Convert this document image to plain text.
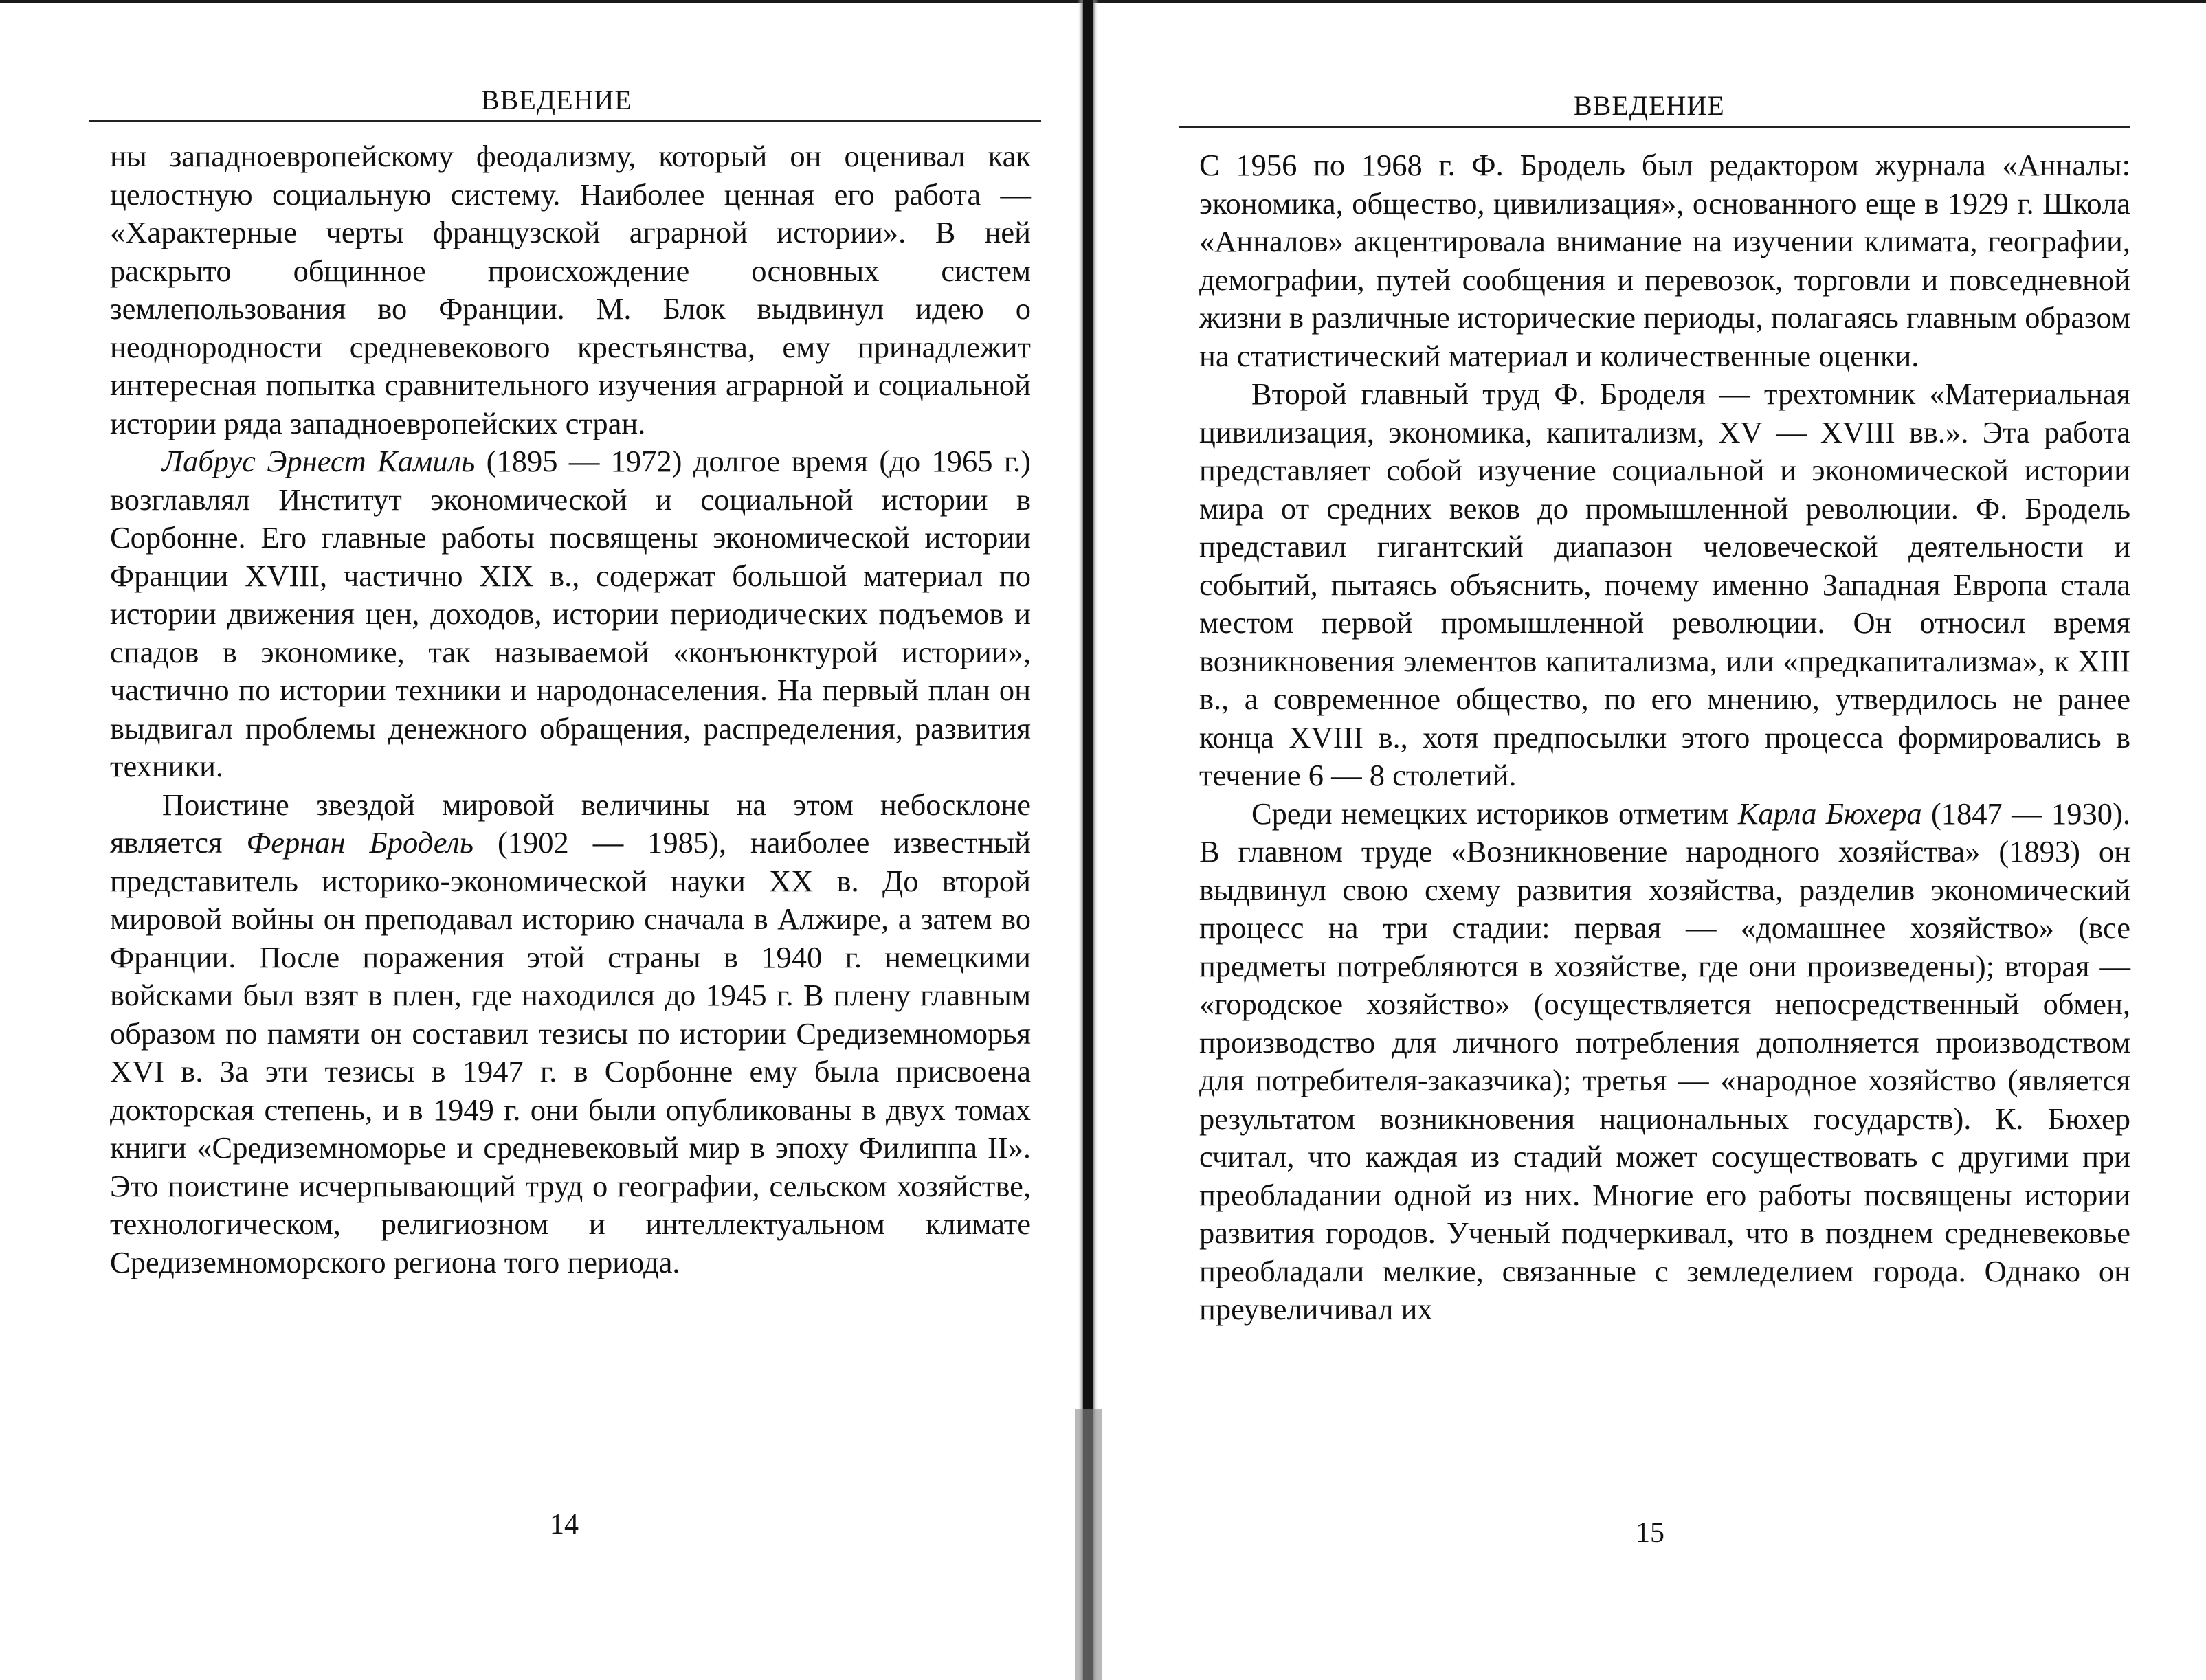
ВВЕДЕНИЕ

ны западноевропейскому феодализму, который он оценивал как целостную социальную систему. Наиболее ценная его работа — «Характерные черты французской аграрной истории». В ней раскрыто общинное происхождение основных систем землепользования во Франции. М. Блок выдвинул идею о неоднородности средневекового крестьянства, ему принадлежит интересная попытка сравнительного изучения аграрной и социальной истории ряда западноевропейских стран.

Лабрус Эрнест Камиль (1895 — 1972) долгое время (до 1965 г.) возглавлял Институт экономической и социальной истории в Сорбонне. Его главные работы посвящены экономической истории Франции XVIII, частично XIX в., содержат большой материал по истории движения цен, доходов, истории периодических подъемов и спадов в экономике, так называемой «конъюнктурой истории», частично по истории техники и народонаселения. На первый план он выдвигал проблемы денежного обращения, распределения, развития техники.

Поистине звездой мировой величины на этом небосклоне является Фернан Бродель (1902 — 1985), наиболее известный представитель историко-экономической науки XX в. До второй мировой войны он преподавал историю сначала в Алжире, а затем во Франции. После поражения этой страны в 1940 г. немецкими войсками был взят в плен, где находился до 1945 г. В плену главным образом по памяти он составил тезисы по истории Средиземноморья XVI в. За эти тезисы в 1947 г. в Сорбонне ему была присвоена докторская степень, и в 1949 г. они были опубликованы в двух томах книги «Средиземноморье и средневековый мир в эпоху Филиппа II». Это поистине исчерпывающий труд о географии, сельском хозяйстве, технологическом, религиозном и интеллектуальном климате Средиземноморского региона того периода.

14
ВВЕДЕНИЕ

С 1956 по 1968 г. Ф. Бродель был редактором журнала «Анналы: экономика, общество, цивилизация», основанного еще в 1929 г. Школа «Анналов» акцентировала внимание на изучении климата, географии, демографии, путей сообщения и перевозок, торговли и повседневной жизни в различные исторические периоды, полагаясь главным образом на статистический материал и количественные оценки.

Второй главный труд Ф. Броделя — трехтомник «Материальная цивилизация, экономика, капитализм, XV — XVIII вв.». Эта работа представляет собой изучение социальной и экономической истории мира от средних веков до промышленной революции. Ф. Бродель представил гигантский диапазон человеческой деятельности и событий, пытаясь объяснить, почему именно Западная Европа стала местом первой промышленной революции. Он относил время возникновения элементов капитализма, или «предкапитализма», к XIII в., а современное общество, по его мнению, утвердилось не ранее конца XVIII в., хотя предпосылки этого процесса формировались в течение 6 — 8 столетий.

Среди немецких историков отметим Карла Бюхера (1847 — 1930). В главном труде «Возникновение народного хозяйства» (1893) он выдвинул свою схему развития хозяйства, разделив экономический процесс на три стадии: первая — «домашнее хозяйство» (все предметы потребляются в хозяйстве, где они произведены); вторая — «городское хозяйство» (осуществляется непосредственный обмен, производство для личного потребления дополняется производством для потребителя-заказчика); третья — «народное хозяйство (является результатом возникновения национальных государств). К. Бюхер считал, что каждая из стадий может сосуществовать с другими при преобладании одной из них. Многие его работы посвящены истории развития городов. Ученый подчеркивал, что в позднем средневековье преобладали мелкие, связанные с земледелием города. Однако он преувеличивал их

15
